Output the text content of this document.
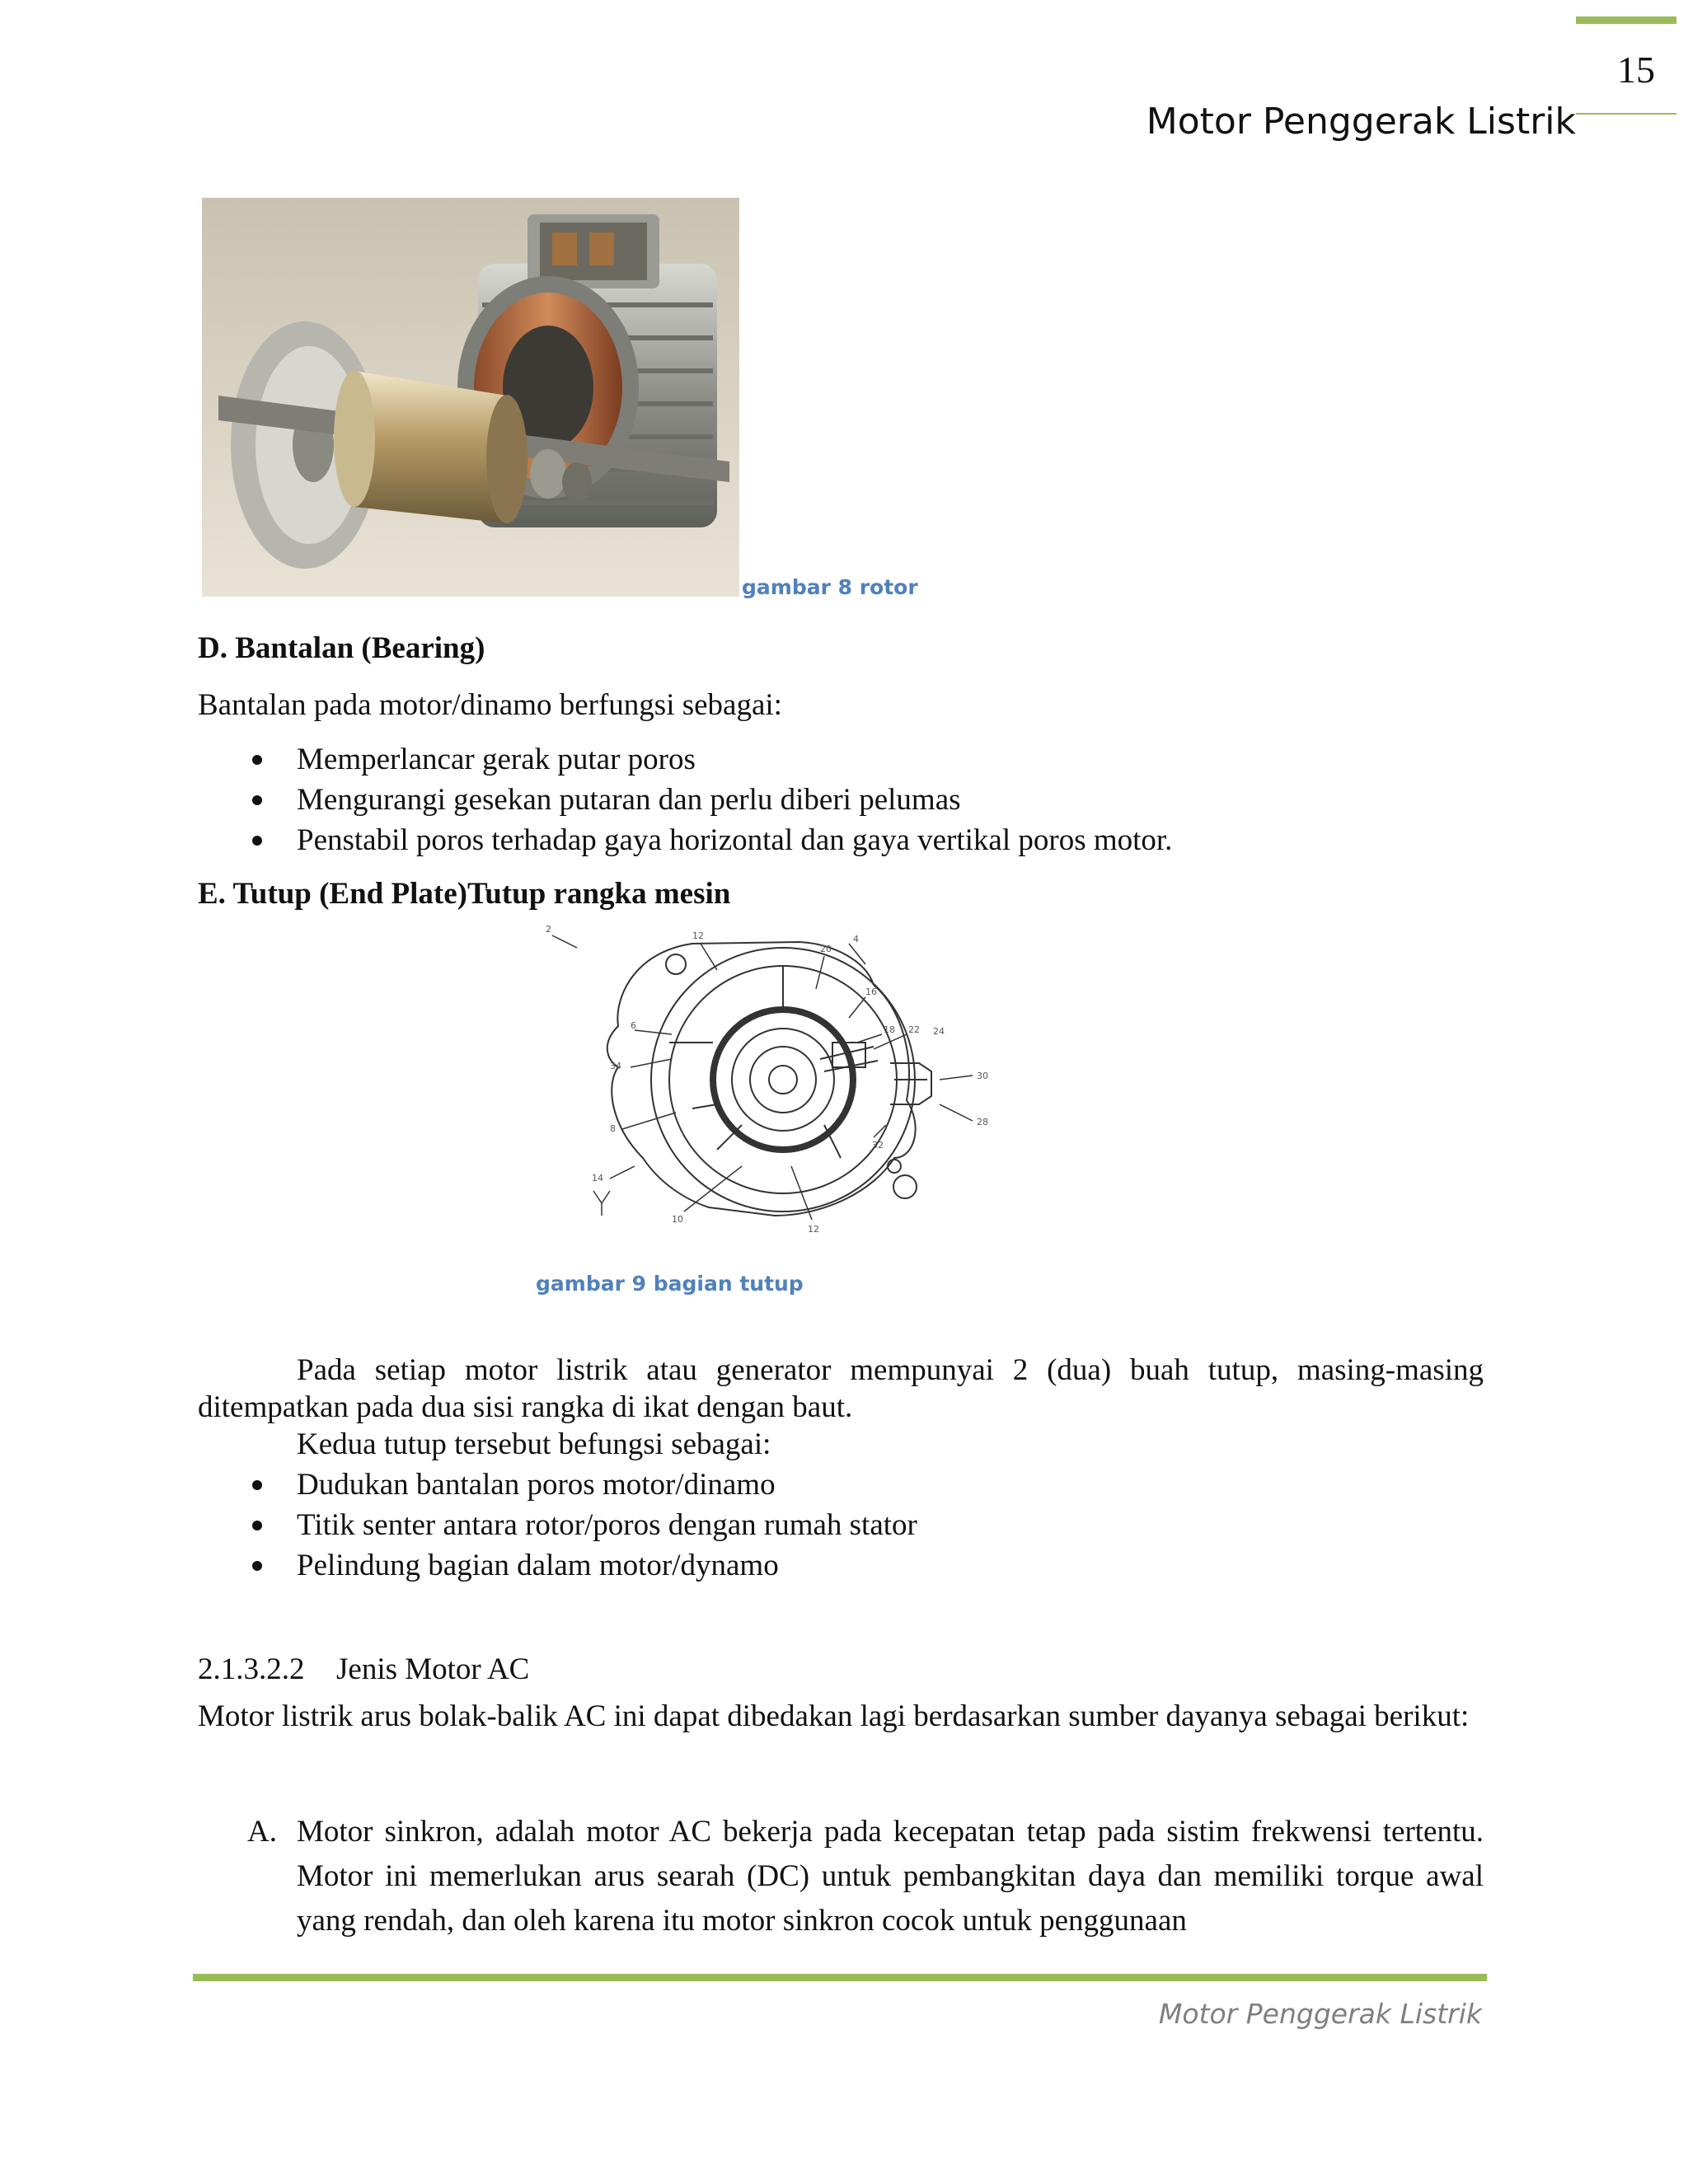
15
Motor Penggerak Listrik
gambar 8 rotor
D. Bantalan (Bearing)
Bantalan pada motor/dinamo berfungsi sebagai:
Memperlancar gerak putar poros
Mengurangi gesekan putaran dan perlu diberi pelumas
Penstabil poros terhadap gaya horizontal dan gaya vertikal poros motor.
E. Tutup (End Plate)Tutup rangka mesin
2
12
20
4
16
6	18 22 24
34
30
8
28
14
32
10
12
gambar 9 bagian tutup
Pada setiap motor listrik atau generator mempunyai 2 (dua) buah tutup, masing-masing ditempatkan pada dua sisi rangka di ikat dengan baut.
Kedua tutup tersebut befungsi sebagai:
Dudukan bantalan poros motor/dinamo
Titik senter antara rotor/poros dengan rumah stator
Pelindung bagian dalam motor/dynamo
2.1.3.2.2 Jenis Motor AC
Motor listrik arus bolak-balik AC ini dapat dibedakan lagi berdasarkan sumber dayanya sebagai berikut:
A. Motor sinkron, adalah motor AC bekerja pada kecepatan tetap pada sistim frekwensi tertentu. Motor ini memerlukan arus searah (DC) untuk pembangkitan daya dan memiliki torque awal yang rendah, dan oleh karena itu motor sinkron cocok untuk penggunaan
Motor Penggerak Listrik
